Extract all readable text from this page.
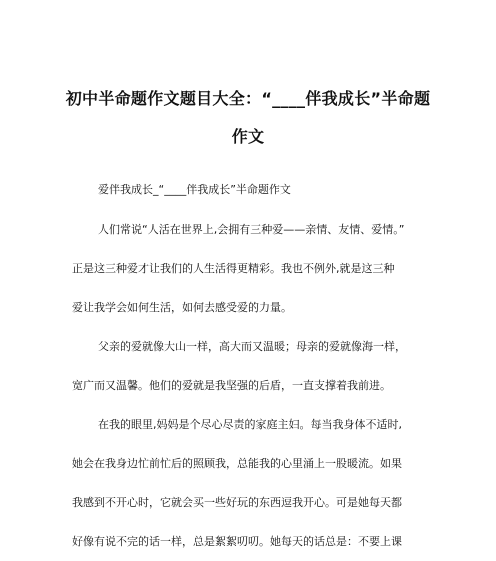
初中半命题作文题目大全：“____伴我成长”半命题
作文
爱伴我成长_“____伴我成长”半命题作文
人们常说“人活在世界上,会拥有三种爱——亲情、友情、爱情。”
正是这三种爱才让我们的人生活得更精彩。我也不例外,就是这三种
爱让我学会如何生活，如何去感受爱的力量。
父亲的爱就像大山一样，高大而又温暖；母亲的爱就像海一样，
宽广而又温馨。他们的爱就是我坚强的后盾，一直支撑着我前进。
在我的眼里,妈妈是个尽心尽责的家庭主妇。每当我身体不适时,
她会在我身边忙前忙后的照顾我，总能我的心里涌上一股暖流。如果
我感到不开心时，它就会买一些好玩的东西逗我开心。可是她每天都
好像有说不完的话一样，总是絮絮叨叨。她每天的话总是：不要上课
